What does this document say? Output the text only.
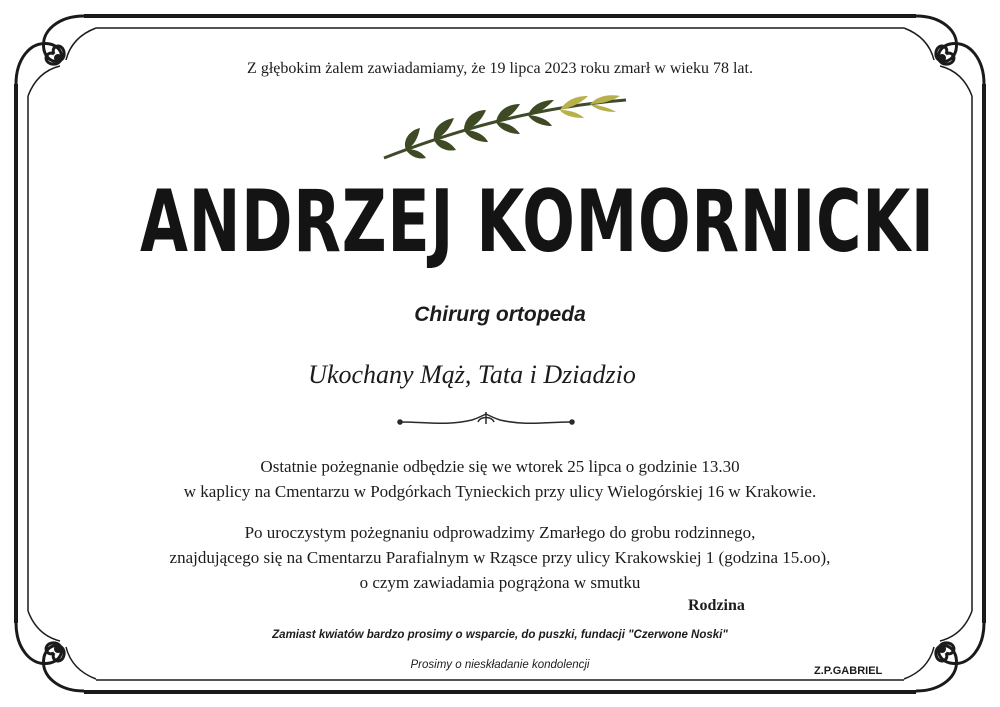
Z głębokim żalem zawiadamiamy, że 19 lipca 2023 roku zmarł w wieku 78 lat.
ANDRZEJ KOMORNICKI
Chirurg ortopeda
Ukochany Mąż, Tata i Dziadzio
Ostatnie pożegnanie odbędzie się we wtorek 25 lipca o godzinie 13.30
w kaplicy na Cmentarzu w Podgórkach Tynieckich przy ulicy Wielogórskiej 16 w Krakowie.
Po uroczystym pożegnaniu odprowadzimy Zmarłego do grobu rodzinnego,
znajdującego się na Cmentarzu Parafialnym w Rząsce przy ulicy Krakowskiej 1 (godzina 15.oo),
o czym zawiadamia pogrążona w smutku
Rodzina
Zamiast kwiatów bardzo prosimy o wsparcie, do puszki, fundacji "Czerwone Noski"
Prosimy o nieskładanie kondolencji	Z.P.GABRIEL
